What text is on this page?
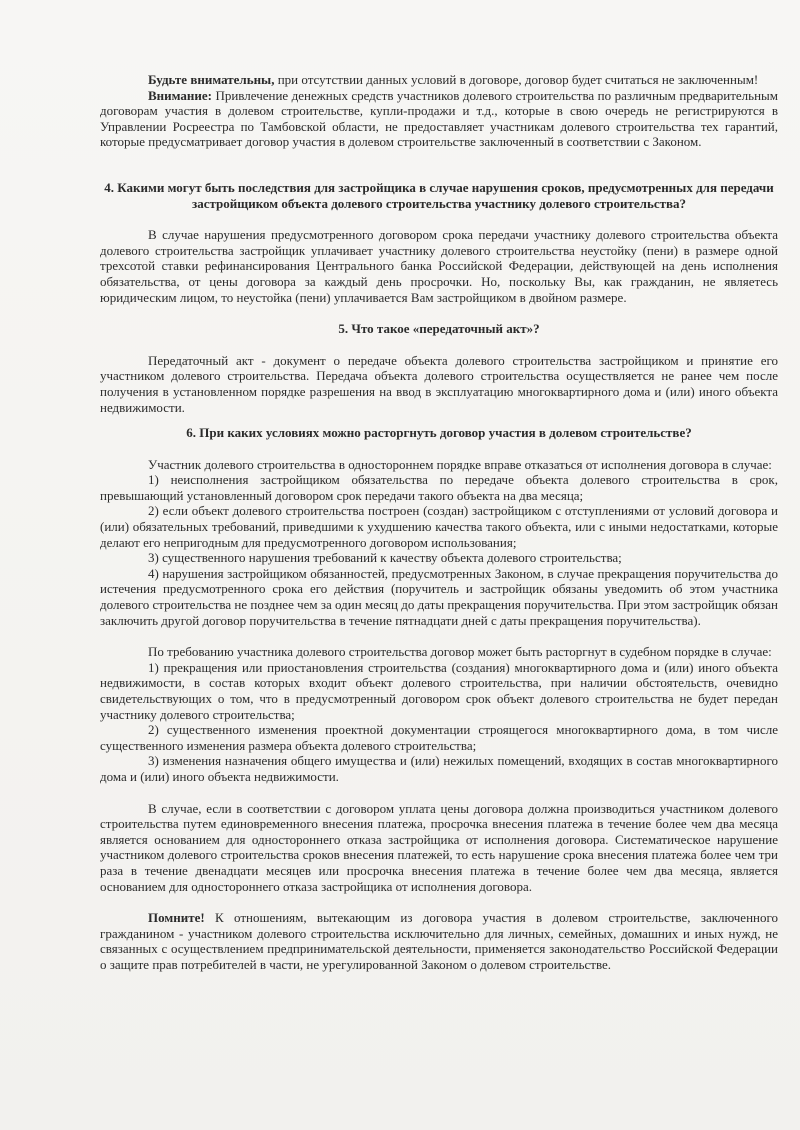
Будьте внимательны, при отсутствии данных условий в договоре, договор будет считаться не заключенным!

Внимание: Привлечение денежных средств участников долевого строительства по различным предварительным договорам участия в долевом строительстве, купли-продажи и т.д., которые в свою очередь не регистрируются в Управлении Росреестра по Тамбовской области, не предоставляет участникам долевого строительства тех гарантий, которые предусматривает договор участия в долевом строительстве заключенный в соответствии с Законом.

4. Какими могут быть последствия для застройщика в случае нарушения сроков, предусмотренных для передачи застройщиком объекта долевого строительства участнику долевого строительства?

В случае нарушения предусмотренного договором срока передачи участнику долевого строительства объекта долевого строительства застройщик уплачивает участнику долевого строительства неустойку (пени) в размере одной трехсотой ставки рефинансирования Центрального банка Российской Федерации, действующей на день исполнения обязательства, от цены договора за каждый день просрочки. Но, поскольку Вы, как гражданин, не являетесь юридическим лицом, то неустойка (пени) уплачивается Вам застройщиком в двойном размере.

5. Что такое «передаточный акт»?

Передаточный акт - документ о передаче объекта долевого строительства застройщиком и принятие его участником долевого строительства. Передача объекта долевого строительства осуществляется не ранее чем после получения в установленном порядке разрешения на ввод в эксплуатацию многоквартирного дома и (или) иного объекта недвижимости.

6. При каких условиях можно расторгнуть договор участия в долевом строительстве?

Участник долевого строительства в одностороннем порядке вправе отказаться от исполнения договора в случае:

1) неисполнения застройщиком обязательства по передаче объекта долевого строительства в срок, превышающий установленный договором срок передачи такого объекта на два месяца;

2) если объект долевого строительства построен (создан) застройщиком с отступлениями от условий договора и (или) обязательных требований, приведшими к ухудшению качества такого объекта, или с иными недостатками, которые делают его непригодным для предусмотренного договором использования;

3) существенного нарушения требований к качеству объекта долевого строительства;

4) нарушения застройщиком обязанностей, предусмотренных Законом, в случае прекращения поручительства до истечения предусмотренного срока его действия (поручитель и застройщик обязаны уведомить об этом участника долевого строительства не позднее чем за один месяц до даты прекращения поручительства. При этом застройщик обязан заключить другой договор поручительства в течение пятнадцати дней с даты прекращения поручительства).

По требованию участника долевого строительства договор может быть расторгнут в судебном порядке в случае:

1) прекращения или приостановления строительства (создания) многоквартирного дома и (или) иного объекта недвижимости, в состав которых входит объект долевого строительства, при наличии обстоятельств, очевидно свидетельствующих о том, что в предусмотренный договором срок объект долевого строительства не будет передан участнику долевого строительства;

2) существенного изменения проектной документации строящегося многоквартирного дома, в том числе существенного изменения размера объекта долевого строительства;

3) изменения назначения общего имущества и (или) нежилых помещений, входящих в состав многоквартирного дома и (или) иного объекта недвижимости.

В случае, если в соответствии с договором уплата цены договора должна производиться участником долевого строительства путем единовременного внесения платежа, просрочка внесения платежа в течение более чем два месяца является основанием для одностороннего отказа застройщика от исполнения договора. Систематическое нарушение участником долевого строительства сроков внесения платежей, то есть нарушение срока внесения платежа более чем три раза в течение двенадцати месяцев или просрочка внесения платежа в течение более чем два месяца, является основанием для одностороннего отказа застройщика от исполнения договора.

Помните! К отношениям, вытекающим из договора участия в долевом строительстве, заключенного гражданином - участником долевого строительства исключительно для личных, семейных, домашних и иных нужд, не связанных с осуществлением предпринимательской деятельности, применяется законодательство Российской Федерации о защите прав потребителей в части, не урегулированной Законом о долевом строительстве.
